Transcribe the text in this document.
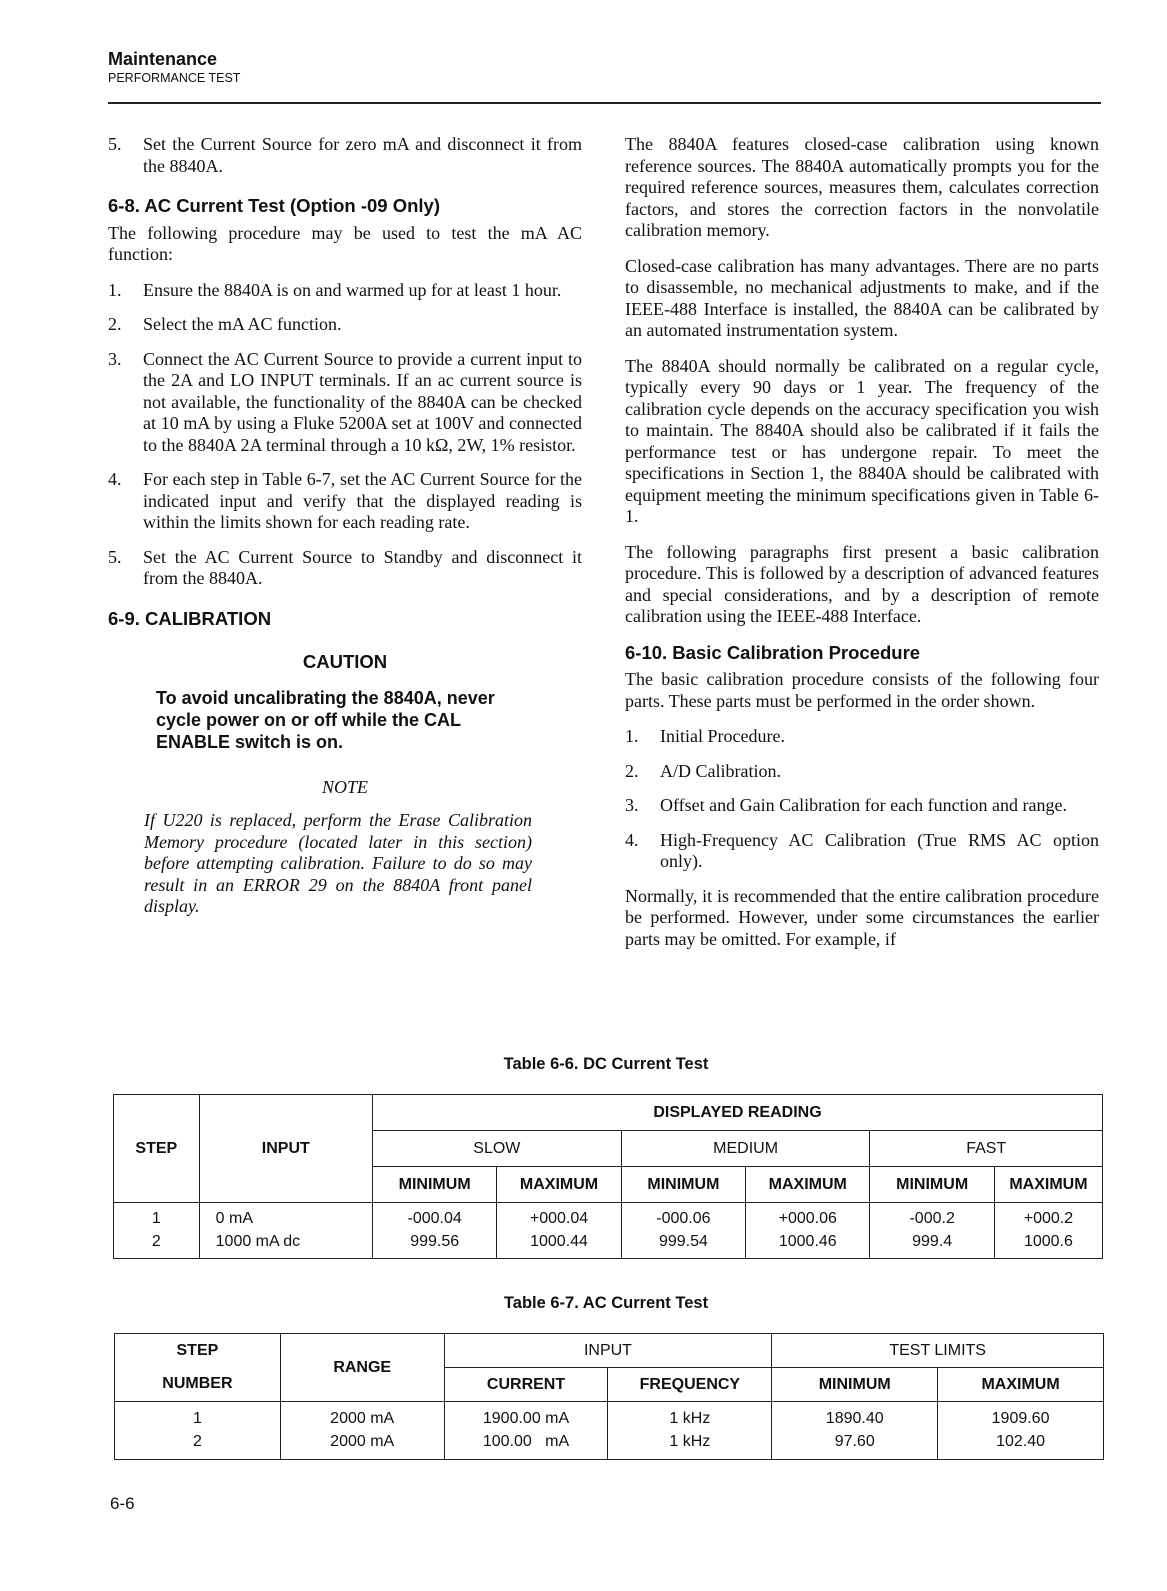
Maintenance
PERFORMANCE TEST
5. Set the Current Source for zero mA and disconnect it from the 8840A.
6-8. AC Current Test (Option -09 Only)

The following procedure may be used to test the mA AC function:

1. Ensure the 8840A is on and warmed up for at least 1 hour.
2. Select the mA AC function.
3. Connect the AC Current Source to provide a current input to the 2A and LO INPUT terminals. If an ac current source is not available, the functionality of the 8840A can be checked at 10 mA by using a Fluke 5200A set at 100V and connected to the 8840A 2A terminal through a 10 kΩ, 2W, 1% resistor.
4. For each step in Table 6-7, set the AC Current Source for the indicated input and verify that the displayed reading is within the limits shown for each reading rate.
5. Set the AC Current Source to Standby and disconnect it from the 8840A.
6-9. CALIBRATION
CAUTION
To avoid uncalibrating the 8840A, never cycle power on or off while the CAL ENABLE switch is on.
NOTE
If U220 is replaced, perform the Erase Calibration Memory procedure (located later in this section) before attempting calibration. Failure to do so may result in an ERROR 29 on the 8840A front panel display.

The 8840A features closed-case calibration using known reference sources. The 8840A automatically prompts you for the required reference sources, measures them, calculates correction factors, and stores the correction factors in the nonvolatile calibration memory.

Closed-case calibration has many advantages. There are no parts to disassemble, no mechanical adjustments to make, and if the IEEE-488 Interface is installed, the 8840A can be calibrated by an automated instrumentation system.

The 8840A should normally be calibrated on a regular cycle, typically every 90 days or 1 year. The frequency of the calibration cycle depends on the accuracy specification you wish to maintain. The 8840A should also be calibrated if it fails the performance test or has undergone repair. To meet the specifications in Section 1, the 8840A should be calibrated with equipment meeting the minimum specifications given in Table 6-1.

The following paragraphs first present a basic calibration procedure. This is followed by a description of advanced features and special considerations, and by a description of remote calibration using the IEEE-488 Interface.

6-10. Basic Calibration Procedure

The basic calibration procedure consists of the following four parts. These parts must be performed in the order shown.

1. Initial Procedure.
2. A/D Calibration.
3. Offset and Gain Calibration for each function and range.
4. High-Frequency AC Calibration (True RMS AC option only).

Normally, it is recommended that the entire calibration procedure be performed. However, under some circumstances the earlier parts may be omitted. For example, if

Table 6-6. DC Current Test
STEP	INPUT	DISPLAYED READING					
		SLOW		MEDIUM		FAST	
		MINIMUM	MAXIMUM	MINIMUM	MAXIMUM	MINIMUM	MAXIMUM
1	0 mA	-000.04	+000.04	-000.06	+000.06	-000.2	+000.2
2	1000 mA dc	999.56	1000.44	999.54	1000.46	999.4	1000.6
Table 6-7. AC Current Test
STEP	RANGE	INPUT		TEST LIMITS	
NUMBER		CURRENT	FREQUENCY	MINIMUM	MAXIMUM
1	2000 mA	1900.00 mA	1 kHz	1890.40	1909.60
2	2000 mA	100.00   mA	1 kHz	97.60	102.40
6-6
